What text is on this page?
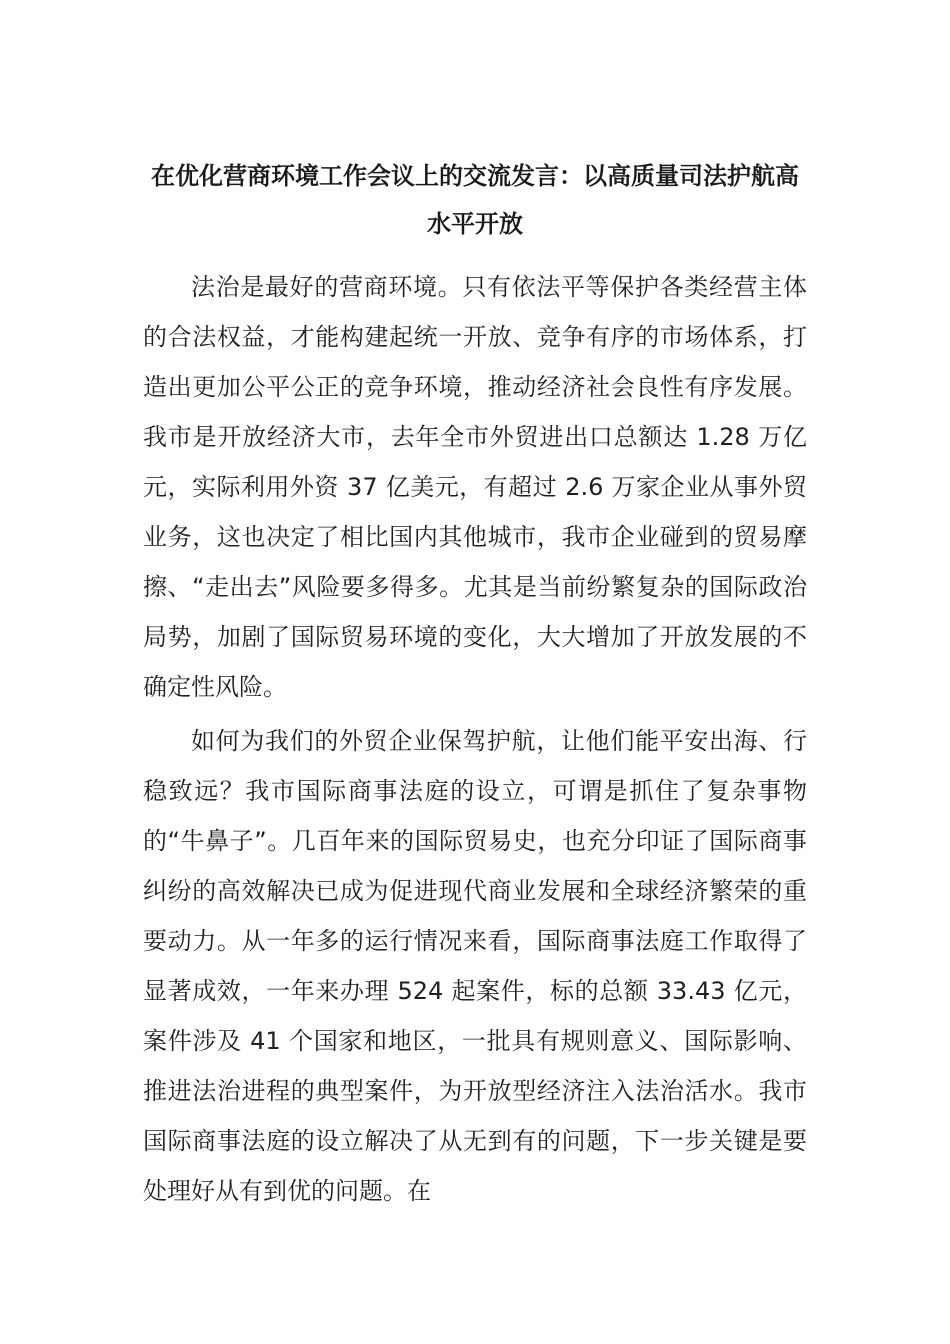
在优化营商环境工作会议上的交流发言：以高质量司法护航高水平开放

法治是最好的营商环境。只有依法平等保护各类经营主体的合法权益，才能构建起统一开放、竞争有序的市场体系，打造出更加公平公正的竞争环境，推动经济社会良性有序发展。我市是开放经济大市，去年全市外贸进出口总额达 1.28 万亿元，实际利用外资 37 亿美元，有超过 2.6 万家企业从事外贸业务，这也决定了相比国内其他城市，我市企业碰到的贸易摩擦、“走出去”风险要多得多。尤其是当前纷繁复杂的国际政治局势，加剧了国际贸易环境的变化，大大增加了开放发展的不确定性风险。

如何为我们的外贸企业保驾护航，让他们能平安出海、行稳致远？我市国际商事法庭的设立，可谓是抓住了复杂事物的“牛鼻子”。几百年来的国际贸易史，也充分印证了国际商事纠纷的高效解决已成为促进现代商业发展和全球经济繁荣的重要动力。从一年多的运行情况来看，国际商事法庭工作取得了显著成效，一年来办理 524 起案件，标的总额 33.43 亿元，案件涉及 41 个国家和地区，一批具有规则意义、国际影响、推进法治进程的典型案件，为开放型经济注入法治活水。我市国际商事法庭的设立解决了从无到有的问题，下一步关键是要处理好从有到优的问题。在
